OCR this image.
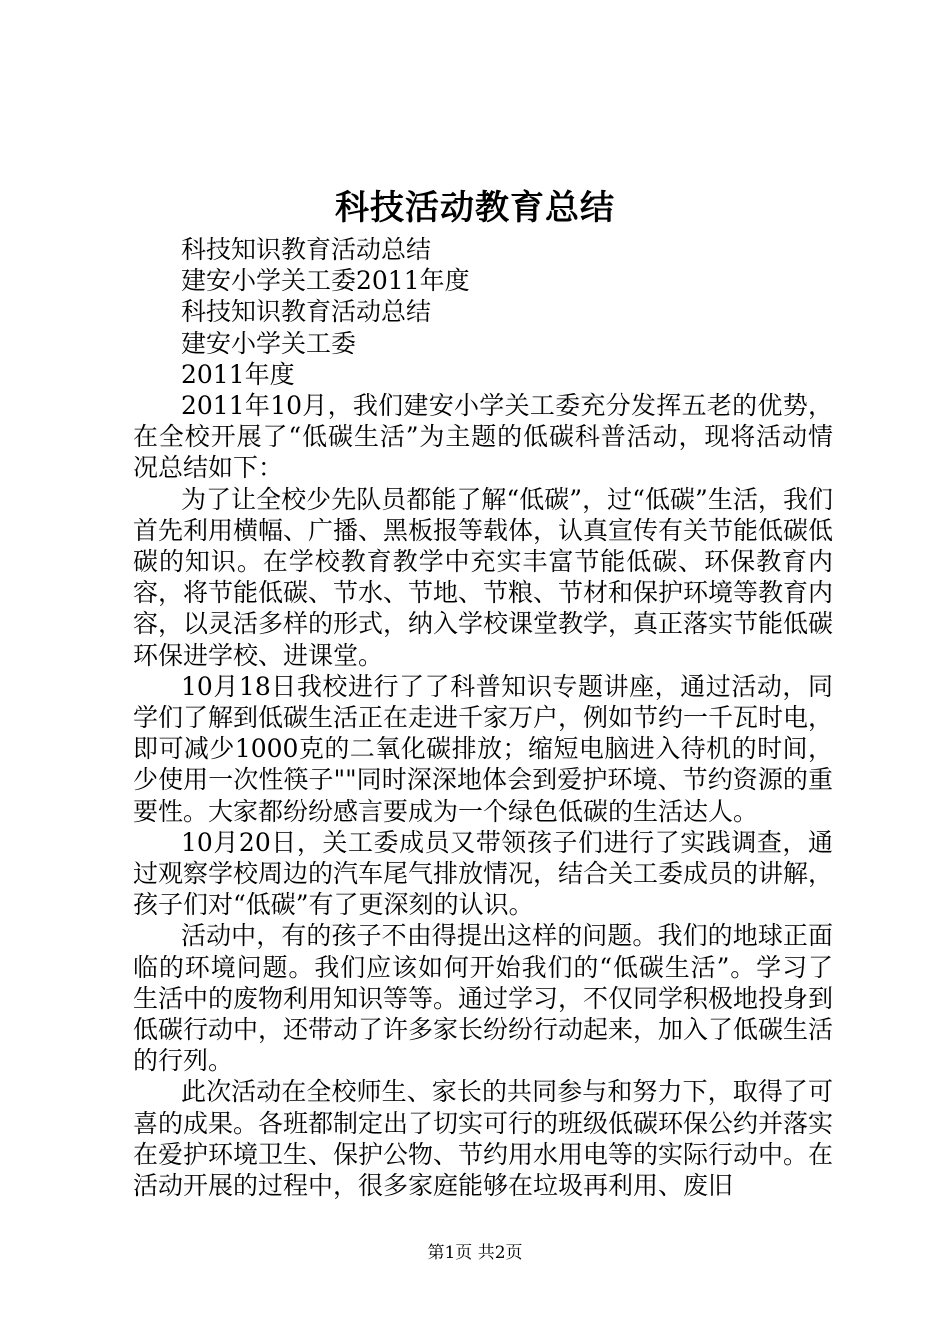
科技活动教育总结
科技知识教育活动总结
建安小学关工委2011年度
科技知识教育活动总结
建安小学关工委
2011年度
2011年10月，我们建安小学关工委充分发挥五老的优势，在全校开展了“低碳生活”为主题的低碳科普活动，现将活动情况总结如下：
为了让全校少先队员都能了解“低碳”，过“低碳”生活，我们首先利用横幅、广播、黑板报等载体，认真宣传有关节能低碳低碳的知识。在学校教育教学中充实丰富节能低碳、环保教育内容，将节能低碳、节水、节地、节粮、节材和保护环境等教育内容，以灵活多样的形式，纳入学校课堂教学，真正落实节能低碳环保进学校、进课堂。
10月18日我校进行了了科普知识专题讲座，通过活动，同学们了解到低碳生活正在走进千家万户，例如节约一千瓦时电，即可减少1000克的二氧化碳排放；缩短电脑进入待机的时间，少使用一次性筷子""同时深深地体会到爱护环境、节约资源的重要性。大家都纷纷感言要成为一个绿色低碳的生活达人。
10月20日，关工委成员又带领孩子们进行了实践调查，通过观察学校周边的汽车尾气排放情况，结合关工委成员的讲解，孩子们对“低碳”有了更深刻的认识。
活动中，有的孩子不由得提出这样的问题。我们的地球正面临的环境问题。我们应该如何开始我们的“低碳生活”。学习了生活中的废物利用知识等等。通过学习，不仅同学积极地投身到低碳行动中，还带动了许多家长纷纷行动起来，加入了低碳生活的行列。
此次活动在全校师生、家长的共同参与和努力下，取得了可喜的成果。各班都制定出了切实可行的班级低碳环保公约并落实在爱护环境卫生、保护公物、节约用水用电等的实际行动中。在活动开展的过程中，很多家庭能够在垃圾再利用、废旧
第1页 共2页
